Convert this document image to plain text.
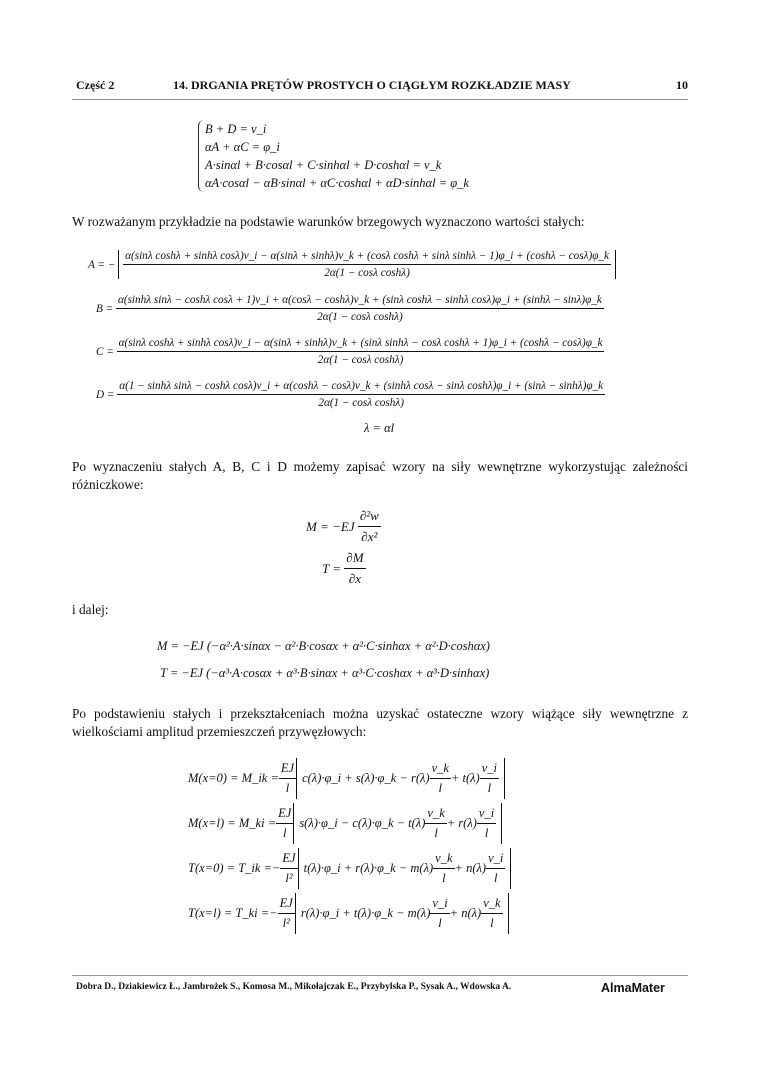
Część 2	14. DRGANIA PRĘTÓW PROSTYCH O CIĄGŁYM ROZKŁADZIE MASY	10
B + D = v_i
αA + αC = φ_i
A·sinαl + B·cosαl + C·sinhαl + D·coshαl = v_k
αA·cosαl − αB·sinαl + αC·coshαl + αD·sinhαl = φ_k
W rozważanym przykładzie na podstawie warunków brzegowych wyznaczono wartości stałych:
A = −
α(sinλ coshλ + sinhλ cosλ)v_i − α(sinλ + sinhλ)v_k + (cosλ coshλ + sinλ sinhλ − 1)φ_i + (coshλ − cosλ)φ_k
2α(1 − cosλ coshλ)
B =
α(sinhλ sinλ − coshλ cosλ + 1)v_i + α(cosλ − coshλ)v_k + (sinλ coshλ − sinhλ cosλ)φ_i + (sinhλ − sinλ)φ_k
2α(1 − cosλ coshλ)
C =
α(sinλ coshλ + sinhλ cosλ)v_i − α(sinλ + sinhλ)v_k + (sinλ sinhλ − cosλ coshλ + 1)φ_i + (coshλ − cosλ)φ_k
2α(1 − cosλ coshλ)
D =
α(1 − sinhλ sinλ − coshλ cosλ)v_i + α(coshλ − cosλ)v_k + (sinhλ cosλ − sinλ coshλ)φ_i + (sinλ − sinhλ)φ_k
2α(1 − cosλ coshλ)
λ = αl
Po wyznaczeniu stałych A, B, C i D możemy zapisać wzory na siły wewnętrzne wykorzystując zależności różniczkowe:
$M = -EJ \frac{\text{∂²w}}{\text{∂x²}}$
$T = \frac{\partial M}{\partial x}$
i dalej:
M = −EJ (−α²·A·sinαx − α²·B·cosαx + α²·C·sinhαx + α²·D·coshαx)
T = −EJ (−α³·A·cosαx + α³·B·sinαx + α³·C·coshαx + α³·D·sinhαx)
Po podstawieniu stałych i przekształceniach można uzyskać ostateczne wzory wiążące siły wewnętrzne z wielkościami amplitud przemieszczeń przywęzłowych:
M(x=0) = M_ik = $\frac{EJ}{l}$ c(λ)·φ_i + s(λ)·φ_k − $r(\lambda) \frac{v\_k}{l} + t(\lambda) \frac{v\_i}{l}$
M(x=l) = M_ki = $\frac{EJ}{l}$ s(λ)·φ_i − c(λ)·φ_k − $t(\lambda) \frac{v\_k}{l} + r(\lambda) \frac{v\_i}{l}$
T(x=0) = T_ik =− $\frac{EJ}{\text{l²}}$ t(λ)·φ_i + r(λ)·φ_k − $m(\lambda) \frac{v\_k}{l} + n(\lambda) \frac{v\_i}{l}$
T(x=l) = T_ki =− $\frac{EJ}{\text{l²}}$ r(λ)·φ_i + t(λ)·φ_k − $m(\lambda) \frac{v\_i}{l} + n(\lambda) \frac{v\_k}{l}$
Dobra D., Dziakiewicz Ł., Jambrożek S., Komosa M., Mikołajczak E., Przybylska P., Sysak A., Wdowska A.	AlmaMater
